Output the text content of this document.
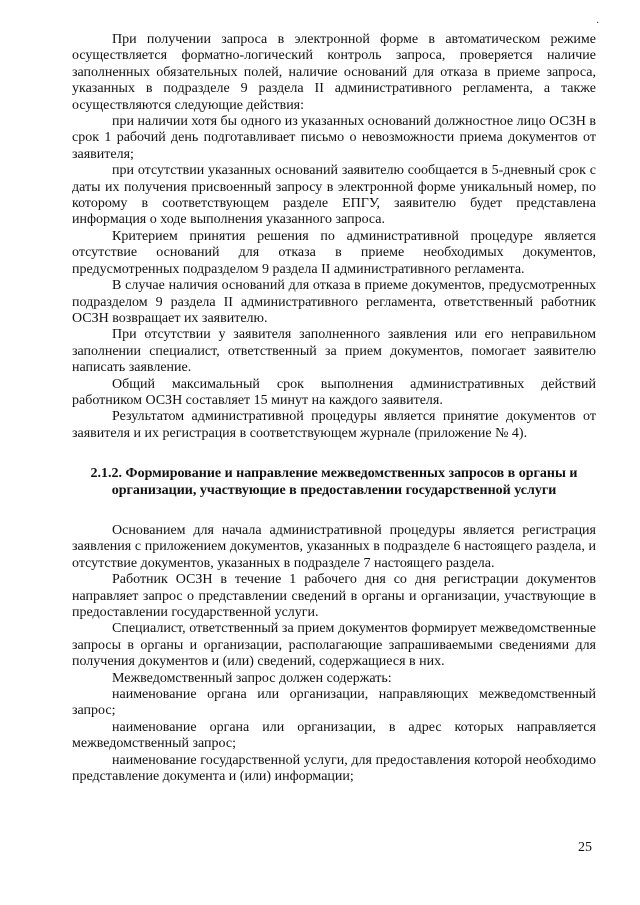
·

При получении запроса в электронной форме в автоматическом режиме осуществляется форматно-логический контроль запроса, проверяется наличие заполненных обязательных полей, наличие оснований для отказа в приеме запроса, указанных в подразделе 9 раздела II административного регламента, а также осуществляются следующие действия:

при наличии хотя бы одного из указанных оснований должностное лицо ОСЗН в срок 1 рабочий день подготавливает письмо о невозможности приема документов от заявителя;

при отсутствии указанных оснований заявителю сообщается в 5-дневный срок с даты их получения присвоенный запросу в электронной форме уникальный номер, по которому в соответствующем разделе ЕПГУ, заявителю будет представлена информация о ходе выполнения указанного запроса.

Критерием принятия решения по административной процедуре является отсутствие оснований для отказа в приеме необходимых документов, предусмотренных подразделом 9 раздела II административного регламента.

В случае наличия оснований для отказа в приеме документов, предусмотренных подразделом 9 раздела II административного регламента, ответственный работник ОСЗН возвращает их заявителю.

При отсутствии у заявителя заполненного заявления или его неправильном заполнении специалист, ответственный за прием документов, помогает заявителю написать заявление.

Общий максимальный срок выполнения административных действий работником ОСЗН составляет 15 минут на каждого заявителя.

Результатом административной процедуры является принятие документов от заявителя и их регистрация в соответствующем журнале (приложение № 4).

2.1.2. Формирование и направление межведомственных запросов в органы и организации, участвующие в предоставлении государственной услуги

Основанием для начала административной процедуры является регистрация заявления с приложением документов, указанных в подразделе 6 настоящего раздела, и отсутствие документов, указанных в подразделе 7 настоящего раздела.

Работник ОСЗН в течение 1 рабочего дня со дня регистрации документов направляет запрос о представлении сведений в органы и организации, участвующие в предоставлении государственной услуги.

Специалист, ответственный за прием документов формирует межведомственные запросы в органы и организации, располагающие запрашиваемыми сведениями для получения документов и (или) сведений, содержащиеся в них.

Межведомственный запрос должен содержать:

наименование органа или организации, направляющих межведомственный запрос;

наименование органа или организации, в адрес которых направляется межведомственный запрос;

наименование государственной услуги, для предоставления которой необходимо представление документа и (или) информации;

25
